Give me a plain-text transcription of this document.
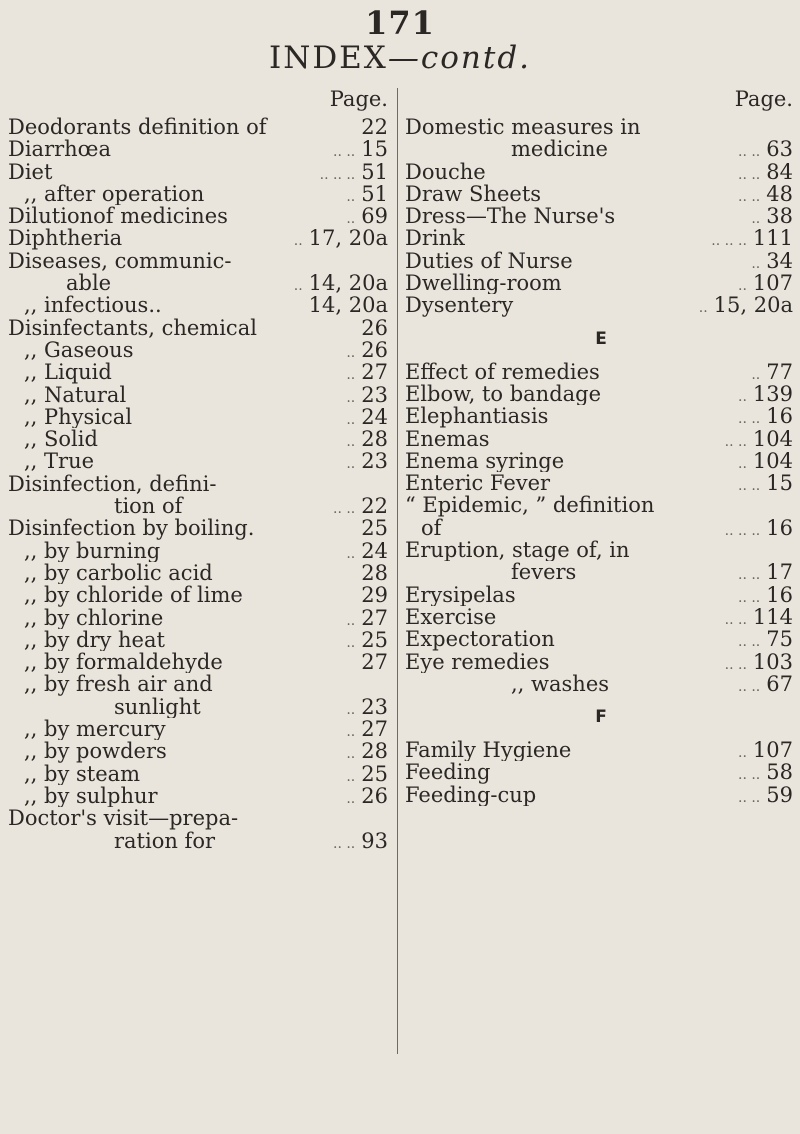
171
INDEX—contd.
Page.
Deodorants definition of	22
Diarrhœa	.. .. 15
Diet	.. .. .. 51
,, after operation	.. 51
Dilutionof medicines	.. 69
Diphtheria	.. 17, 20a
Diseases, communic-
able	.. 14, 20a
,, infectious..	14, 20a
Disinfectants, chemical	26
,, Gaseous	.. 26
,, Liquid	.. 27
,, Natural	.. 23
,, Physical	.. 24
,, Solid	.. 28
,, True	.. 23
Disinfection, defini-
tion of	.. .. 22
Disinfection by boiling.	25
,, by burning	.. 24
,, by carbolic acid	28
,, by chloride of lime	29
,, by chlorine	.. 27
,, by dry heat	.. 25
,, by formaldehyde	27
,, by fresh air and
sunlight	.. 23
,, by mercury	.. 27
,, by powders	.. 28
,, by steam	.. 25
,, by sulphur	.. 26
Doctor's visit—prepa-
ration for	.. .. 93
Page.
Domestic measures in
medicine	.. .. 63
Douche	.. .. 84
Draw Sheets	.. .. 48
Dress—The Nurse's	.. 38
Drink	.. .. .. 111
Duties of Nurse	.. 34
Dwelling-room	.. 107
Dysentery	.. 15, 20a
E
Effect of remedies	.. 77
Elbow, to bandage	.. 139
Elephantiasis	.. .. 16
Enemas	.. .. 104
Enema syringe	.. 104
Enteric Fever	.. .. 15
“ Epidemic, ” definition
of	.. .. .. 16
Eruption, stage of, in
fevers	.. .. 17
Erysipelas	.. .. 16
Exercise	.. .. 114
Expectoration	.. .. 75
Eye remedies	.. .. 103
,, washes	.. .. 67
F
Family Hygiene	.. 107
Feeding	.. .. 58
Feeding-cup	.. .. 59
